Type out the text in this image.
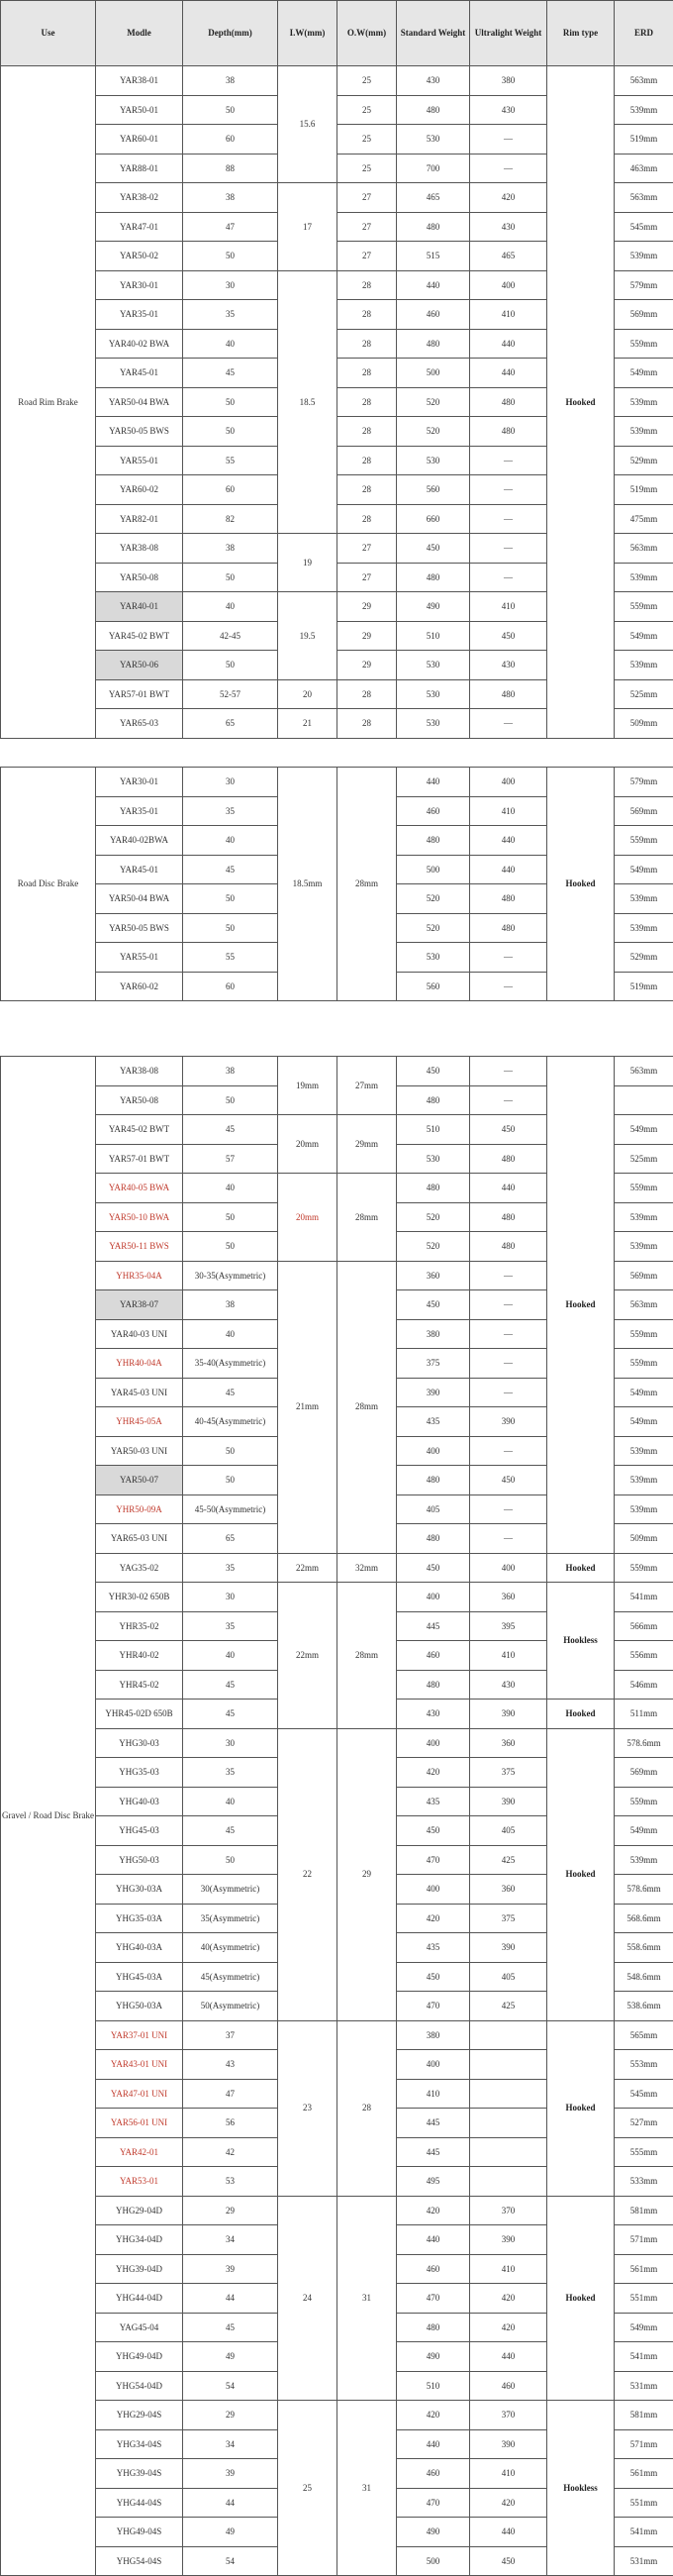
Use	Modle	Depth(mm)	I.W(mm)	O.W(mm)	Standard Weight	Ultralight Weight	Rim type	ERD
Road Rim Brake	YAR38-01	38	15.6	25	430	380	Hooked	563mm
	YAR50-01	50		25	480	430		539mm
	YAR60-01	60		25	530	—		519mm
	YAR88-01	88		25	700	—		463mm
	YAR38-02	38	17	27	465	420		563mm
	YAR47-01	47		27	480	430		545mm
	YAR50-02	50		27	515	465		539mm
	YAR30-01	30	18.5	28	440	400		579mm
	YAR35-01	35		28	460	410		569mm
	YAR40-02 BWA	40		28	480	440		559mm
	YAR45-01	45		28	500	440		549mm
	YAR50-04 BWA	50		28	520	480		539mm
	YAR50-05 BWS	50		28	520	480		539mm
	YAR55-01	55		28	530	—		529mm
	YAR60-02	60		28	560	—		519mm
	YAR82-01	82		28	660	—		475mm
	YAR38-08	38	19	27	450	—		563mm
	YAR50-08	50		27	480	—		539mm
	YAR40-01	40	19.5	29	490	410		559mm
	YAR45-02 BWT	42-45		29	510	450		549mm
	YAR50-06	50		29	530	430		539mm
	YAR57-01 BWT	52-57	20	28	530	480		525mm
	YAR65-03	65	21	28	530	—		509mm
Road Disc Brake	YAR30-01	30	18.5mm	28mm	440	400	Hooked	579mm
	YAR35-01	35			460	410		569mm
	YAR40-02BWA	40			480	440		559mm
	YAR45-01	45			500	440		549mm
	YAR50-04 BWA	50			520	480		539mm
	YAR50-05 BWS	50			520	480		539mm
	YAR55-01	55			530	—		529mm
	YAR60-02	60			560	—		519mm
Gravel / Road Disc Brake	YAR38-08	38	19mm	27mm	450	—	Hooked	563mm
	YAR50-08	50			480	—		
	YAR45-02 BWT	45	20mm	29mm	510	450		549mm
	YAR57-01 BWT	57			530	480		525mm
	YAR40-05 BWA	40	20mm	28mm	480	440		559mm
	YAR50-10 BWA	50			520	480		539mm
	YAR50-11 BWS	50			520	480		539mm
	YHR35-04A	30-35(Asymmetric)	21mm	28mm	360	—		569mm
	YAR38-07	38			450	—		563mm
	YAR40-03 UNI	40			380	—		559mm
	YHR40-04A	35-40(Asymmetric)			375	—		559mm
	YAR45-03 UNI	45			390	—		549mm
	YHR45-05A	40-45(Asymmetric)			435	390		549mm
	YAR50-03 UNI	50			400	—		539mm
	YAR50-07	50			480	450		539mm
	YHR50-09A	45-50(Asymmetric)			405	—		539mm
	YAR65-03 UNI	65			480	—		509mm
	YAG35-02	35	22mm	32mm	450	400	Hooked	559mm
	YHR30-02 650B	30	22mm	28mm	400	360	Hookless	541mm
	YHR35-02	35			445	395		566mm
	YHR40-02	40			460	410		556mm
	YHR45-02	45			480	430		546mm
	YHR45-02D 650B	45			430	390	Hooked	511mm
	YHG30-03	30	22	29	400	360	Hooked	578.6mm
	YHG35-03	35			420	375		569mm
	YHG40-03	40			435	390		559mm
	YHG45-03	45			450	405		549mm
	YHG50-03	50			470	425		539mm
	YHG30-03A	30(Asymmetric)			400	360		578.6mm
	YHG35-03A	35(Asymmetric)			420	375		568.6mm
	YHG40-03A	40(Asymmetric)			435	390		558.6mm
	YHG45-03A	45(Asymmetric)			450	405		548.6mm
	YHG50-03A	50(Asymmetric)			470	425		538.6mm
	YAR37-01 UNI	37	23	28	380		Hooked	565mm
	YAR43-01 UNI	43			400			553mm
	YAR47-01 UNI	47			410			545mm
	YAR56-01 UNI	56			445			527mm
	YAR42-01	42			445			555mm
	YAR53-01	53			495			533mm
	YHG29-04D	29	24	31	420	370	Hooked	581mm
	YHG34-04D	34			440	390		571mm
	YHG39-04D	39			460	410		561mm
	YHG44-04D	44			470	420		551mm
	YAG45-04	45			480	420		549mm
	YHG49-04D	49			490	440		541mm
	YHG54-04D	54			510	460		531mm
	YHG29-04S	29	25	31	420	370	Hookless	581mm
	YHG34-04S	34			440	390		571mm
	YHG39-04S	39			460	410		561mm
	YHG44-04S	44			470	420		551mm
	YHG49-04S	49			490	440		541mm
	YHG54-04S	54			500	450		531mm
